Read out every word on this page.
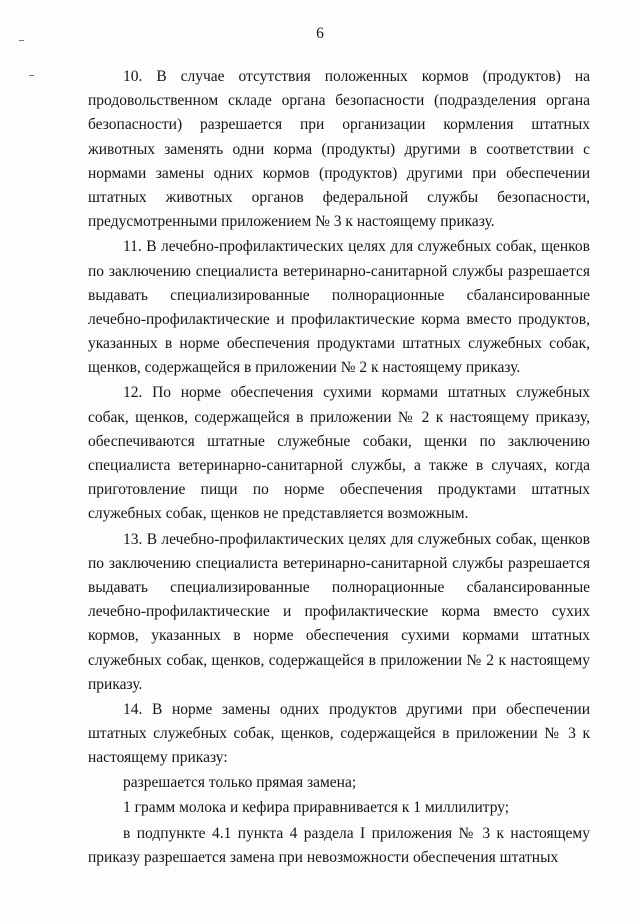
6

10. В случае отсутствия положенных кормов (продуктов) на продовольственном складе органа безопасности (подразделения органа безопасности) разрешается при организации кормления штатных животных заменять одни корма (продукты) другими в соответствии с нормами замены одних кормов (продуктов) другими при обеспечении штатных животных органов федеральной службы безопасности, предусмотренными приложением № 3 к настоящему приказу.

11. В лечебно-профилактических целях для служебных собак, щенков по заключению специалиста ветеринарно-санитарной службы разрешается выдавать специализированные полнорационные сбалансированные лечебно-профилактические и профилактические корма вместо продуктов, указанных в норме обеспечения продуктами штатных служебных собак, щенков, содержащейся в приложении № 2 к настоящему приказу.

12. По норме обеспечения сухими кормами штатных служебных собак, щенков, содержащейся в приложении № 2 к настоящему приказу, обеспечиваются штатные служебные собаки, щенки по заключению специалиста ветеринарно-санитарной службы, а также в случаях, когда приготовление пищи по норме обеспечения продуктами штатных служебных собак, щенков не представляется возможным.

13. В лечебно-профилактических целях для служебных собак, щенков по заключению специалиста ветеринарно-санитарной службы разрешается выдавать специализированные полнорационные сбалансированные лечебно-профилактические и профилактические корма вместо сухих кормов, указанных в норме обеспечения сухими кормами штатных служебных собак, щенков, содержащейся в приложении № 2 к настоящему приказу.

14. В норме замены одних продуктов другими при обеспечении штатных служебных собак, щенков, содержащейся в приложении № 3 к настоящему приказу:

разрешается только прямая замена;

1 грамм молока и кефира приравнивается к 1 миллилитру;

в подпункте 4.1 пункта 4 раздела I приложения № 3 к настоящему приказу разрешается замена при невозможности обеспечения штатных
